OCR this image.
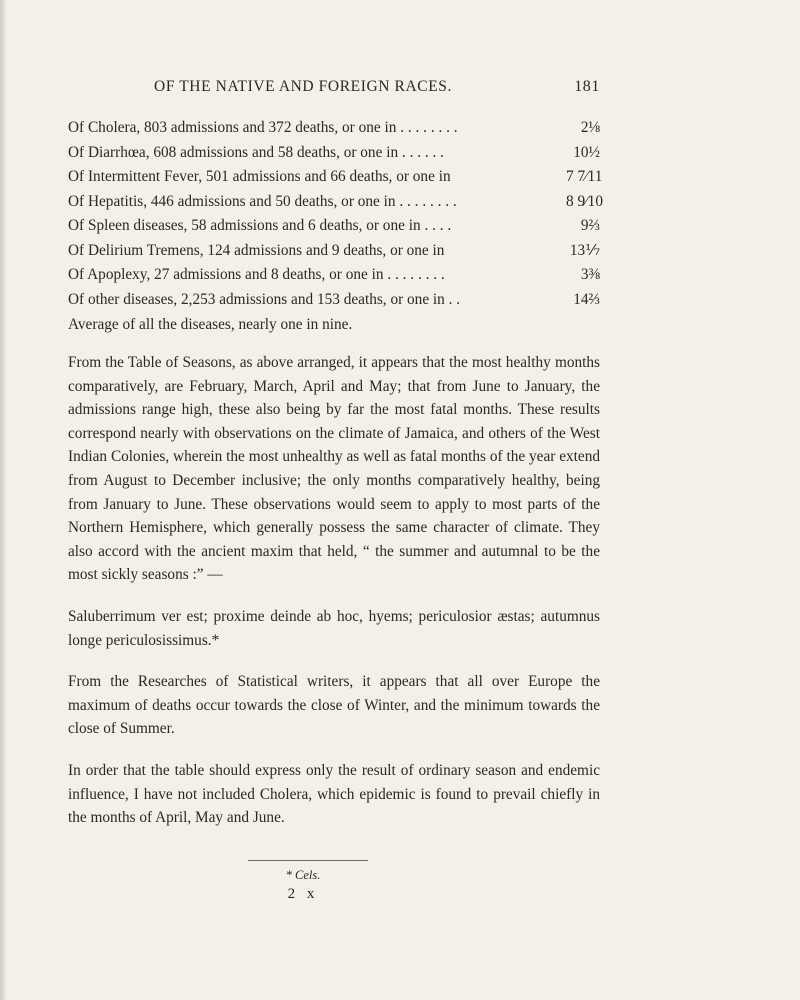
OF THE NATIVE AND FOREIGN RACES.	181
Of Cholera, 803 admissions and 372 deaths, or one in . . . . . . . .	2⅛
Of Diarrhœa, 608 admissions and 58 deaths, or one in . . . . . .	10½
Of Intermittent Fever, 501 admissions and 66 deaths, or one in	7 7⁄11
Of Hepatitis, 446 admissions and 50 deaths, or one in . . . . . . . .	8 9⁄10
Of Spleen diseases, 58 admissions and 6 deaths, or one in . . . .	9⅔
Of Delirium Tremens, 124 admissions and 9 deaths, or one in	13⅐
Of Apoplexy, 27 admissions and 8 deaths, or one in . . . . . . . .	3⅜
Of other diseases, 2,253 admissions and 153 deaths, or one in . .	14⅔
Average of all the diseases, nearly one in nine.

From the Table of Seasons, as above arranged, it appears that the most healthy months comparatively, are February, March, April and May; that from June to January, the admissions range high, these also being by far the most fatal months. These results correspond nearly with observations on the climate of Jamaica, and others of the West Indian Colonies, wherein the most unhealthy as well as fatal months of the year extend from August to December inclusive; the only months comparatively healthy, being from January to June. These observations would seem to apply to most parts of the Northern Hemisphere, which generally possess the same character of climate. They also accord with the ancient maxim that held, “ the summer and autumnal to be the most sickly seasons :” —

Saluberrimum ver est; proxime deinde ab hoc, hyems; periculosior æstas; autumnus longe periculosissimus.*

From the Researches of Statistical writers, it appears that all over Europe the maximum of deaths occur towards the close of Winter, and the minimum towards the close of Summer.

In order that the table should express only the result of ordinary season and endemic influence, I have not included Cholera, which epidemic is found to prevail chiefly in the months of April, May and June.

* Cels.
2 x
